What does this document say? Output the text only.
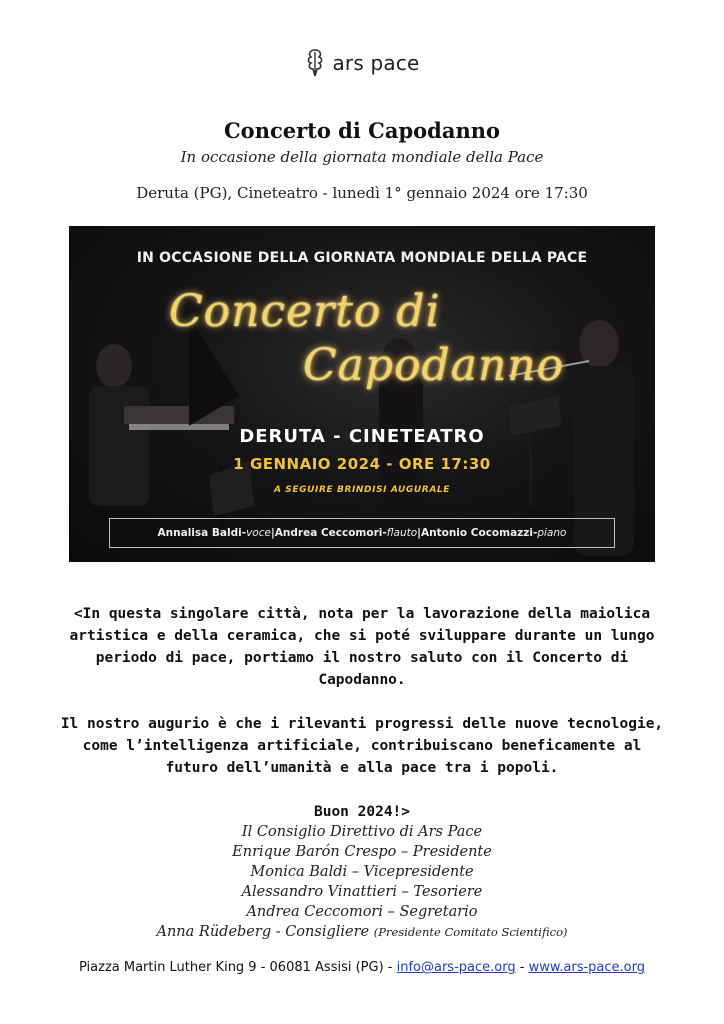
ars pace
Concerto di Capodanno
In occasione della giornata mondiale della Pace
Deruta (PG), Cineteatro - lunedì 1° gennaio 2024 ore 17:30
IN OCCASIONE DELLA GIORNATA MONDIALE DELLA PACE
Concerto di
Capodanno
DERUTA - CINETEATRO
1 GENNAIO 2024 - ORE 17:30
A SEGUIRE BRINDISI AUGURALE
Annalisa Baldi - voce | Andrea Ceccomori - flauto | Antonio Cocomazzi - piano

<In questa singolare città, nota per la lavorazione della maiolica artistica e della ceramica, che si poté sviluppare durante un lungo periodo di pace, portiamo il nostro saluto con il Concerto di Capodanno.

Il nostro augurio è che i rilevanti progressi delle nuove tecnologie, come l’intelligenza artificiale, contribuiscano beneficamente al futuro dell’umanità e alla pace tra i popoli.

Buon 2024!>

Il Consiglio Direttivo di Ars Pace
Enrique Barón Crespo – Presidente
Monica Baldi – Vicepresidente
Alessandro Vinattieri – Tesoriere
Andrea Ceccomori – Segretario
Anna Rüdeberg - Consigliere (Presidente Comitato Scientifico)
Piazza Martin Luther King 9 - 06081 Assisi (PG) - info@ars-pace.org - www.ars-pace.org
